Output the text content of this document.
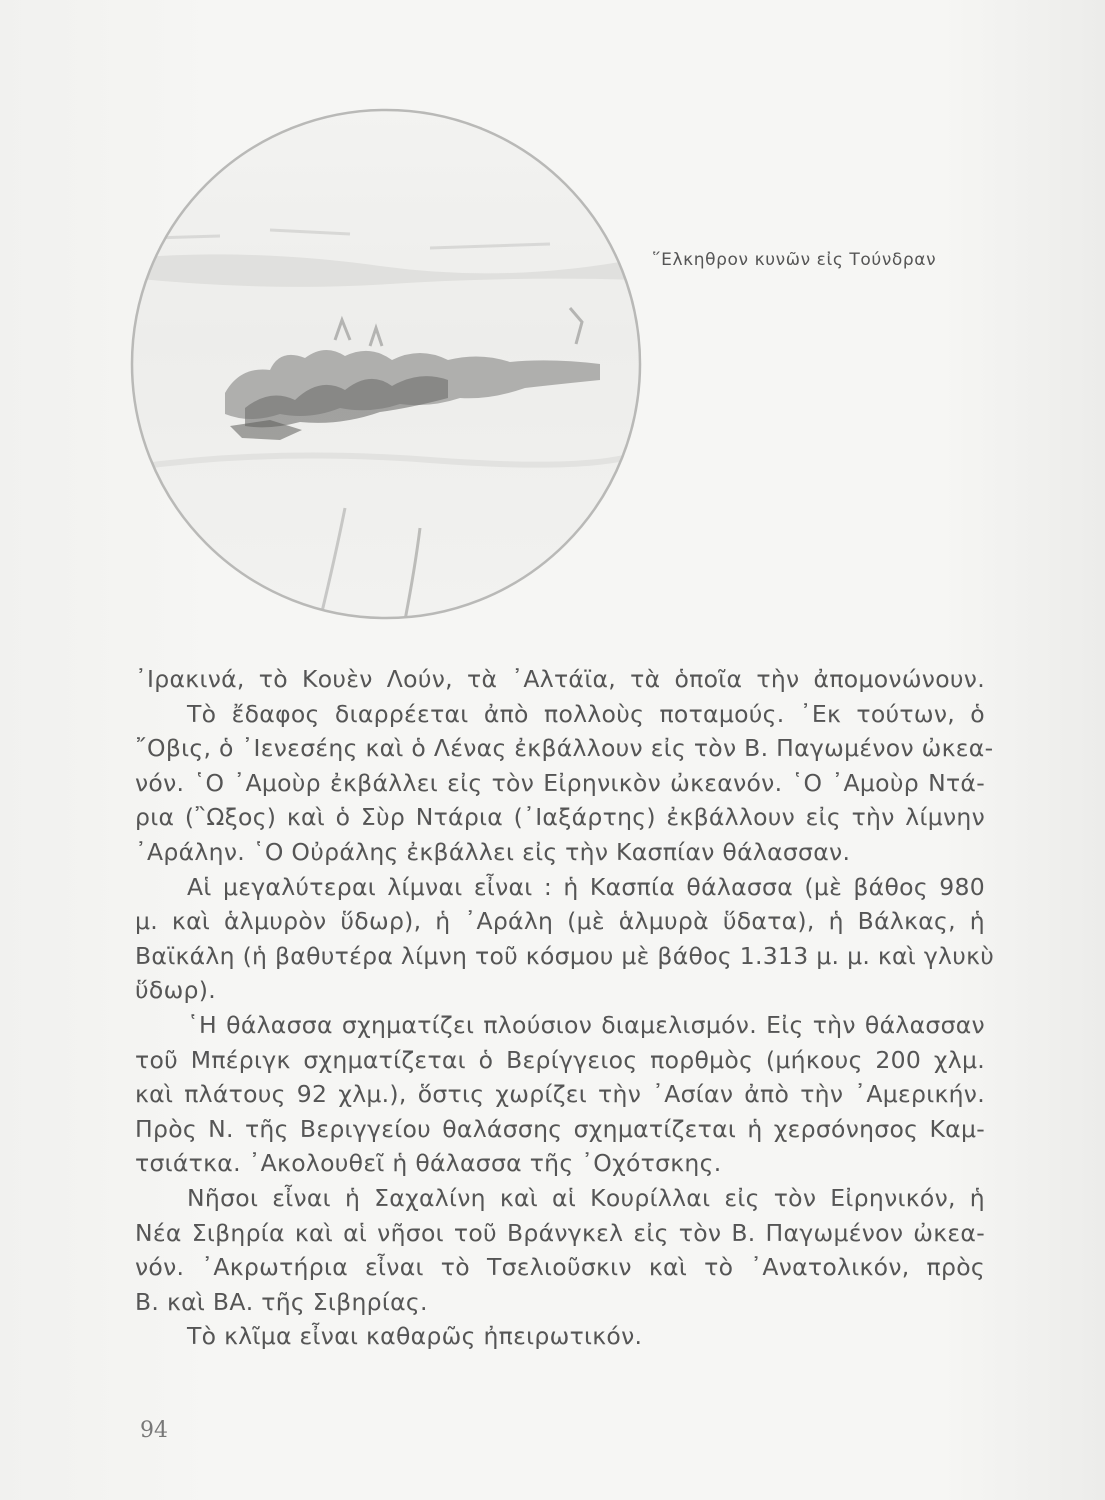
῞Ελκηθρον κυνῶν εἰς Τούνδραν
᾿Ιρακινά, τὸ Κουὲν Λούν, τὰ ᾿Αλτάϊα, τὰ ὁποῖα τὴν ἀπομονώνουν.
Τὸ ἔδαφος διαρρέεται ἀπὸ πολλοὺς ποταμούς. ᾿Εκ τούτων, ὁ
῎Οβις, ὁ ᾿Ιενεσέης καὶ ὁ Λένας ἐκβάλλουν εἰς τὸν Β. Παγωμένον ὠκεα-
νόν. ῾Ο ᾿Αμοὺρ ἐκβάλλει εἰς τὸν Εἰρηνικὸν ὠκεανόν. ῾Ο ᾿Αμοὺρ Ντά-
ρια (῍Ωξος) καὶ ὁ Σὺρ Ντάρια (᾿Ιαξάρτης) ἐκβάλλουν εἰς τὴν λίμνην
᾿Αράλην. ῾Ο Οὐράλης ἐκβάλλει εἰς τὴν Κασπίαν θάλασσαν.
Αἱ μεγαλύτεραι λίμναι εἶναι : ἡ Κασπία θάλασσα (μὲ βάθος 980
μ. καὶ ἁλμυρὸν ὕδωρ), ἡ ᾿Αράλη (μὲ ἁλμυρὰ ὕδατα), ἡ Βάλκας, ἡ
Βαϊκάλη (ἡ βαθυτέρα λίμνη τοῦ κόσμου μὲ βάθος 1.313 μ. μ. καὶ γλυκὺ
ὕδωρ).
῾Η θάλασσα σχηματίζει πλούσιον διαμελισμόν. Εἰς τὴν θάλασσαν
τοῦ Μπέριγκ σχηματίζεται ὁ Βερίγγειος πορθμὸς (μήκους 200 χλμ.
καὶ πλάτους 92 χλμ.), ὅστις χωρίζει τὴν ᾿Ασίαν ἀπὸ τὴν ᾿Αμερικήν.
Πρὸς Ν. τῆς Βεριγγείου θαλάσσης σχηματίζεται ἡ χερσόνησος Καμ-
τσιάτκα. ᾿Ακολουθεῖ ἡ θάλασσα τῆς ᾿Οχότσκης.
Νῆσοι εἶναι ἡ Σαχαλίνη καὶ αἱ Κουρίλλαι εἰς τὸν Εἰρηνικόν, ἡ
Νέα Σιβηρία καὶ αἱ νῆσοι τοῦ Βράνγκελ εἰς τὸν Β. Παγωμένον ὠκεα-
νόν. ᾿Ακρωτήρια εἶναι τὸ Τσελιοῦσκιν καὶ τὸ ᾿Ανατολικόν, πρὸς
Β. καὶ ΒΑ. τῆς Σιβηρίας.
Τὸ κλῖμα εἶναι καθαρῶς ἠπειρωτικόν.
94
